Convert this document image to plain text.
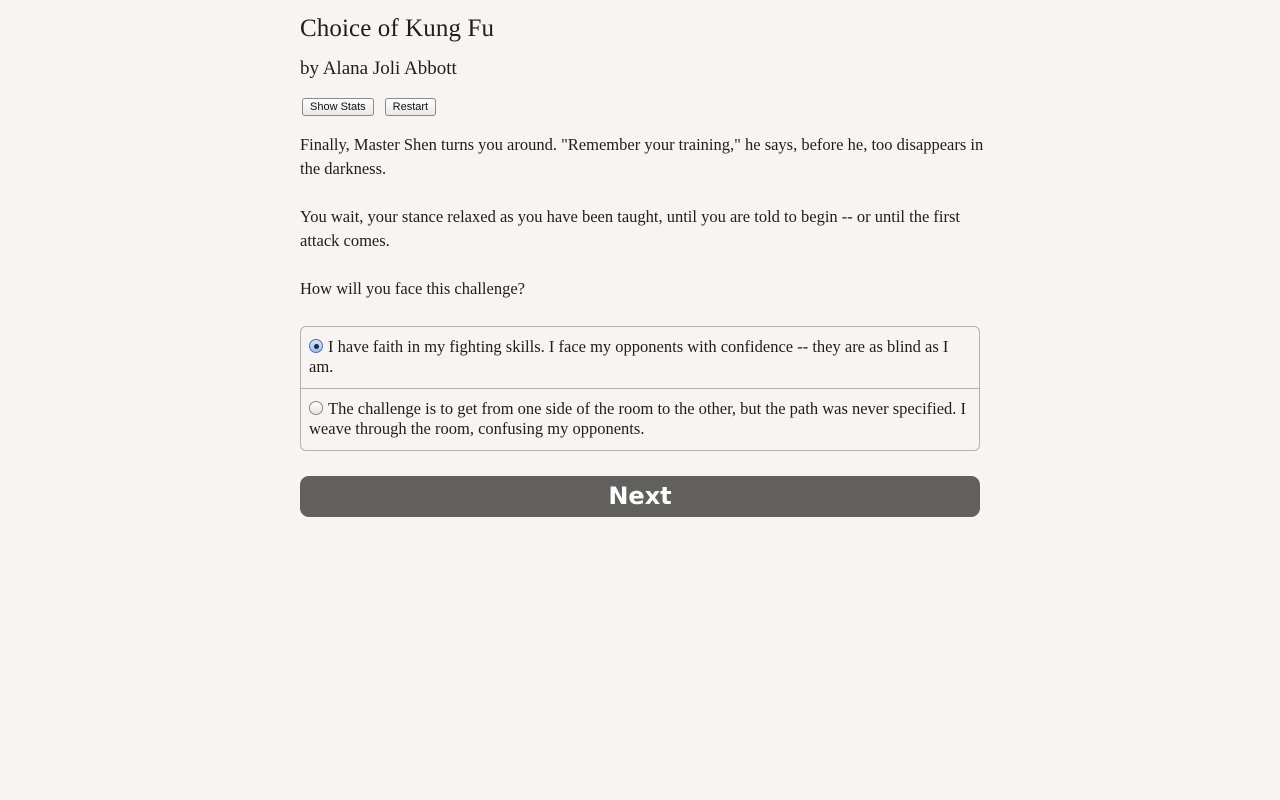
Choice of Kung Fu
by Alana Joli Abbott
Show Stats	Restart

Finally, Master Shen turns you around. "Remember your training," he says, before he, too disappears in the darkness.

You wait, your stance relaxed as you have been taught, until you are told to begin -- or until the first attack comes.

How will you face this challenge?

I have faith in my fighting skills. I face my opponents with confidence -- they are as blind as I am.
The challenge is to get from one side of the room to the other, but the path was never specified. I weave through the room, confusing my opponents.
Next
